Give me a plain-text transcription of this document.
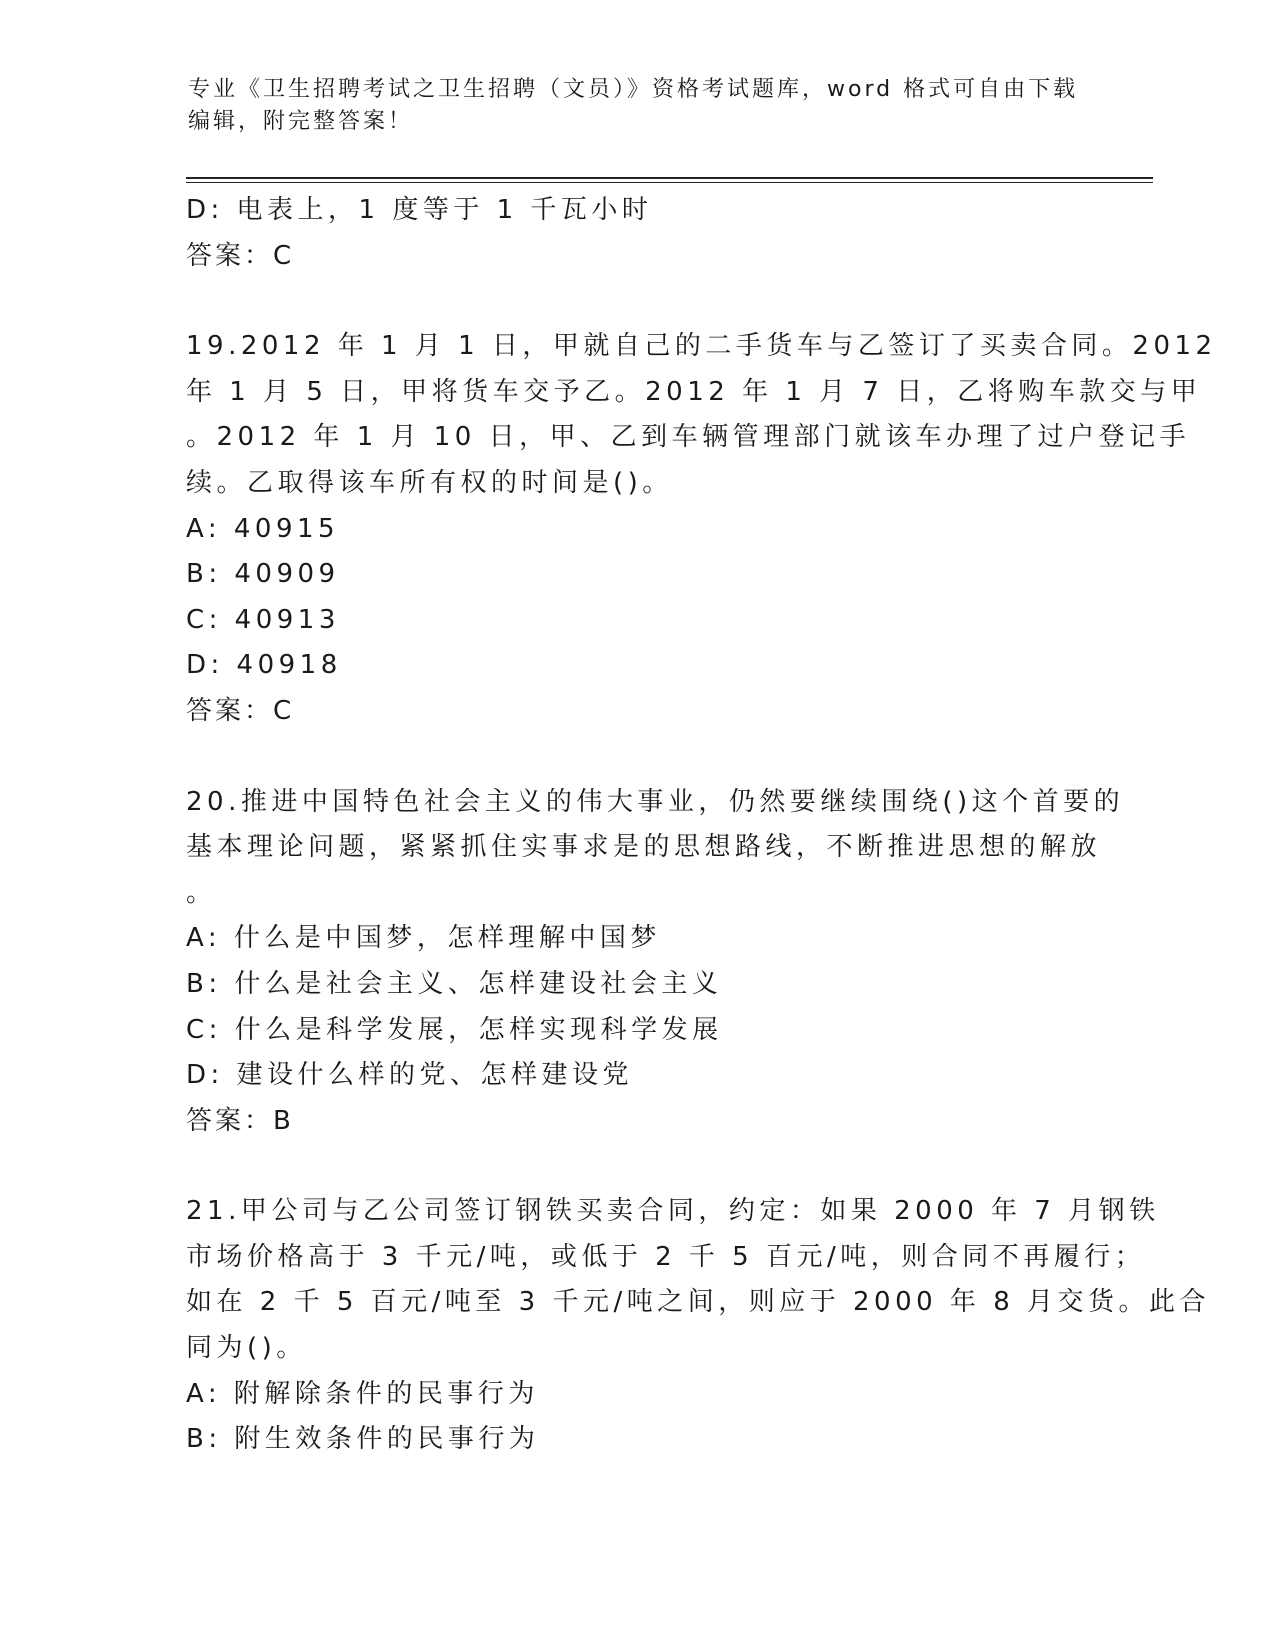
专业《卫生招聘考试之卫生招聘（文员）》资格考试题库，word 格式可自由下载
编辑，附完整答案！
D: 电表上，1 度等于 1 千瓦小时
答案：C
19.2012 年 1 月 1 日，甲就自己的二手货车与乙签订了买卖合同。2012
年 1 月 5 日，甲将货车交予乙。2012 年 1 月 7 日，乙将购车款交与甲
。2012 年 1 月 10 日，甲、乙到车辆管理部门就该车办理了过户登记手
续。乙取得该车所有权的时间是()。
A: 40915
B: 40909
C: 40913
D: 40918
答案：C
20.推进中国特色社会主义的伟大事业，仍然要继续围绕()这个首要的
基本理论问题，紧紧抓住实事求是的思想路线，不断推进思想的解放
。
A: 什么是中国梦，怎样理解中国梦
B: 什么是社会主义、怎样建设社会主义
C: 什么是科学发展，怎样实现科学发展
D: 建设什么样的党、怎样建设党
答案：B
21.甲公司与乙公司签订钢铁买卖合同，约定：如果 2000 年 7 月钢铁
市场价格高于 3 千元/吨，或低于 2 千 5 百元/吨，则合同不再履行；
如在 2 千 5 百元/吨至 3 千元/吨之间，则应于 2000 年 8 月交货。此合
同为()。
A: 附解除条件的民事行为
B: 附生效条件的民事行为
